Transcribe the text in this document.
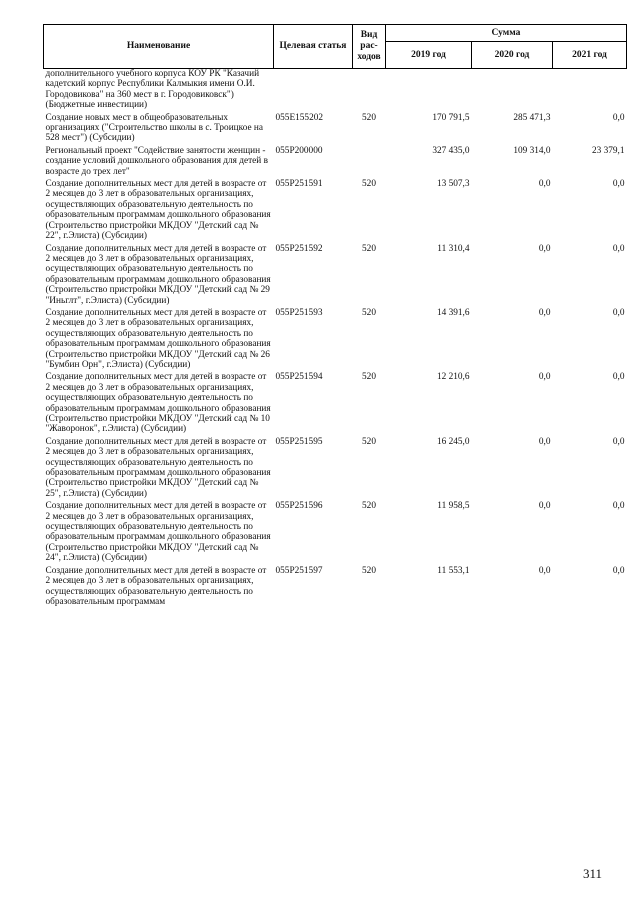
Наименование	Целевая статья	Вид рас-ходов	Сумма		
			2019 год	2020 год	2021 год
дополнительного учебного корпуса КОУ РК "Казачий кадетский корпус Республики Калмыкия имени О.И. Городовикова" на 360 мест в г. Городовиковск") (Бюджетные инвестиции)					
Создание новых мест в общеобразовательных организациях ("Строительство школы в с. Троицкое на 528 мест") (Субсидии)	055Е155202	520	170 791,5	285 471,3	0,0
Региональный проект "Содействие занятости женщин - создание условий дошкольного образования для детей в возрасте до трех лет"	055Р200000		327 435,0	109 314,0	23 379,1
Создание дополнительных мест для детей в возрасте от 2 месяцев до 3 лет в образовательных организациях, осуществляющих образовательную деятельность по образовательным программам дошкольного образования (Строительство пристройки МКДОУ "Детский сад № 22", г.Элиста) (Субсидии)	055Р251591	520	13 507,3	0,0	0,0
Создание дополнительных мест для детей в возрасте от 2 месяцев до 3 лет в образовательных организациях, осуществляющих образовательную деятельность по образовательным программам дошкольного образования (Строительство пристройки МКДОУ "Детский сад № 29 "Иньглт", г.Элиста) (Субсидии)	055Р251592	520	11 310,4	0,0	0,0
Создание дополнительных мест для детей в возрасте от 2 месяцев до 3 лет в образовательных организациях, осуществляющих образовательную деятельность по образовательным программам дошкольного образования (Строительство пристройки МКДОУ "Детский сад № 26 "Бумбин Орн", г.Элиста) (Субсидии)	055Р251593	520	14 391,6	0,0	0,0
Создание дополнительных мест для детей в возрасте от 2 месяцев до 3 лет в образовательных организациях, осуществляющих образовательную деятельность по образовательным программам дошкольного образования (Строительство пристройки МКДОУ "Детский сад № 10 "Жаворонок", г.Элиста) (Субсидии)	055Р251594	520	12 210,6	0,0	0,0
Создание дополнительных мест для детей в возрасте от 2 месяцев до 3 лет в образовательных организациях, осуществляющих образовательную деятельность по образовательным программам дошкольного образования (Строительство пристройки МКДОУ "Детский сад № 25", г.Элиста) (Субсидии)	055Р251595	520	16 245,0	0,0	0,0
Создание дополнительных мест для детей в возрасте от 2 месяцев до 3 лет в образовательных организациях, осуществляющих образовательную деятельность по образовательным программам дошкольного образования (Строительство пристройки МКДОУ "Детский сад № 24", г.Элиста) (Субсидии)	055Р251596	520	11 958,5	0,0	0,0
Создание дополнительных мест для детей в возрасте от 2 месяцев до 3 лет в образовательных организациях, осуществляющих образовательную деятельность по образовательным программам	055Р251597	520	11 553,1	0,0	0,0
311
